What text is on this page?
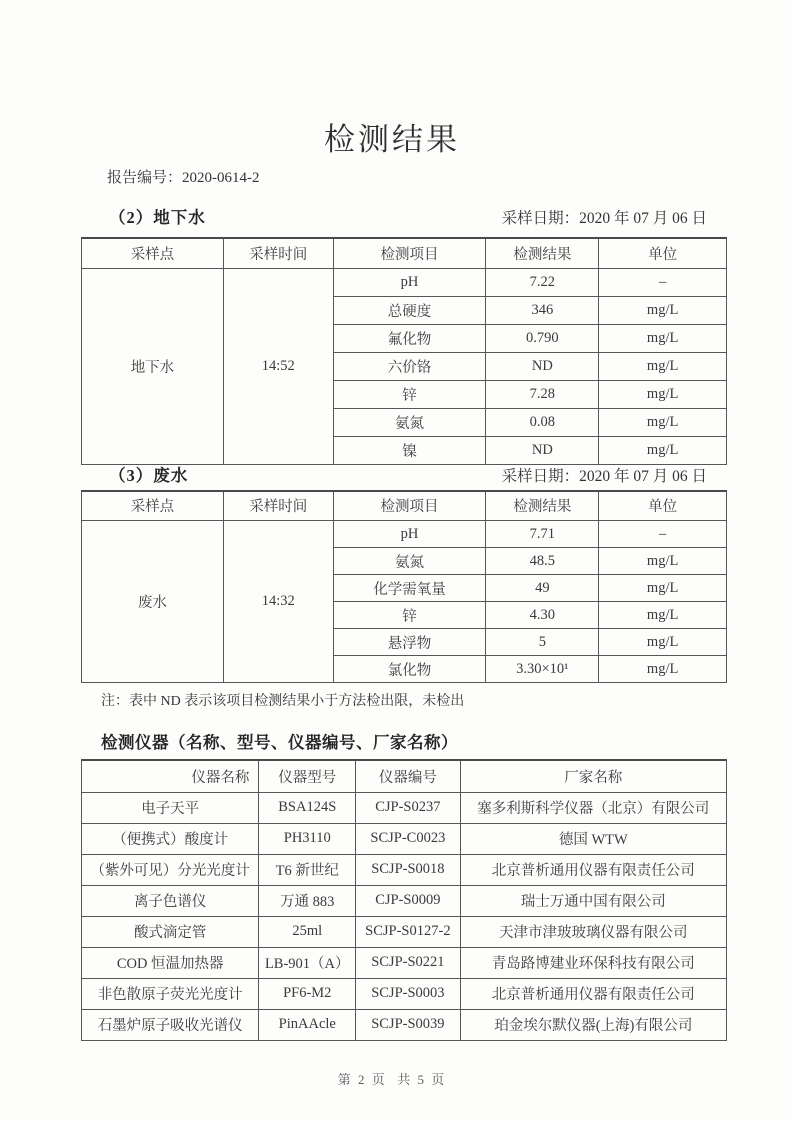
检测结果
报告编号：2020-0614-2
（2）地下水	采样日期：2020 年 07 月 06 日
采样点	采样时间	检测项目	检测结果	单位
地下水	14:52	pH	7.22	–
		总硬度	346	mg/L
		氟化物	0.790	mg/L
		六价铬	ND	mg/L
		锌	7.28	mg/L
		氨氮	0.08	mg/L
		镍	ND	mg/L
（3）废水	采样日期：2020 年 07 月 06 日
采样点	采样时间	检测项目	检测结果	单位
废水	14:32	pH	7.71	–
		氨氮	48.5	mg/L
		化学需氧量	49	mg/L
		锌	4.30	mg/L
		悬浮物	5	mg/L
		氯化物	3.30×10¹	mg/L
注：表中 ND 表示该项目检测结果小于方法检出限，未检出
检测仪器（名称、型号、仪器编号、厂家名称）
仪器名称	仪器型号	仪器编号	厂家名称
电子天平	BSA124S	CJP-S0237	塞多利斯科学仪器（北京）有限公司
（便携式）酸度计	PH3110	SCJP-C0023	德国 WTW
（紫外可见）分光光度计	T6 新世纪	SCJP-S0018	北京普析通用仪器有限责任公司
离子色谱仪	万通 883	CJP-S0009	瑞士万通中国有限公司
酸式滴定管	25ml	SCJP-S0127-2	天津市津玻玻璃仪器有限公司
COD 恒温加热器	LB-901（A）	SCJP-S0221	青岛路博建业环保科技有限公司
非色散原子荧光光度计	PF6-M2	SCJP-S0003	北京普析通用仪器有限责任公司
石墨炉原子吸收光谱仪	PinAAcle	SCJP-S0039	珀金埃尔默仪器(上海)有限公司
第 2 页  共 5 页
